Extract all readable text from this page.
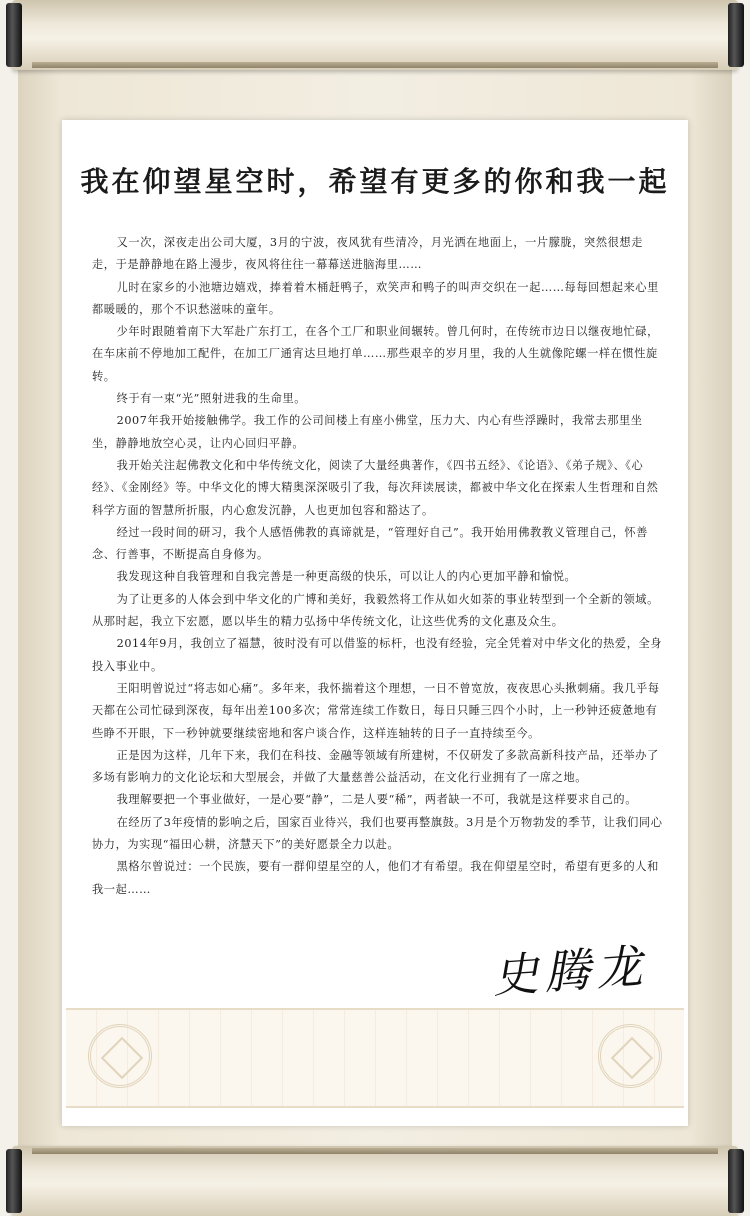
我在仰望星空时，希望有更多的你和我一起

又一次，深夜走出公司大厦，3月的宁波，夜风犹有些清冷，月光洒在地面上，一片朦胧，突然很想走走，于是静静地在路上漫步，夜风将往往一幕幕送进脑海里……

儿时在家乡的小池塘边嬉戏，捧着着木桶赶鸭子，欢笑声和鸭子的叫声交织在一起……每每回想起来心里都暖暖的，那个不识愁滋味的童年。

少年时跟随着南下大军赴广东打工，在各个工厂和职业间辗转。曾几何时，在传统市边日以继夜地忙碌，在车床前不停地加工配件，在加工厂通宵达旦地打单……那些艰辛的岁月里，我的人生就像陀螺一样在惯性旋转。

终于有一束“光”照射进我的生命里。

2007年我开始接触佛学。我工作的公司间楼上有座小佛堂，压力大、内心有些浮躁时，我常去那里坐坐，静静地放空心灵，让内心回归平静。

我开始关注起佛教文化和中华传统文化，阅读了大量经典著作，《四书五经》、《论语》、《弟子规》、《心经》、《金刚经》等。中华文化的博大精奥深深吸引了我，每次拜读展读，都被中华文化在探索人生哲理和自然科学方面的智慧所折服，内心愈发沉静，人也更加包容和豁达了。

经过一段时间的研习，我个人感悟佛教的真谛就是，“管理好自己”。我开始用佛教教义管理自己，怀善念、行善事，不断提高自身修为。

我发现这种自我管理和自我完善是一种更高级的快乐，可以让人的内心更加平静和愉悦。

为了让更多的人体会到中华文化的广博和美好，我毅然将工作从如火如荼的事业转型到一个全新的领域。从那时起，我立下宏愿，愿以毕生的精力弘扬中华传统文化，让这些优秀的文化惠及众生。

2014年9月，我创立了福慧，彼时没有可以借鉴的标杆，也没有经验，完全凭着对中华文化的热爱，全身投入事业中。

王阳明曾说过“将志如心痛”。多年来，我怀揣着这个理想，一日不曾宽放，夜夜思心头揪刺痛。我几乎每天都在公司忙碌到深夜，每年出差100多次；常常连续工作数日，每日只睡三四个小时，上一秒钟还疲惫地有些睁不开眼，下一秒钟就要继续密地和客户谈合作，这样连轴转的日子一直持续至今。

正是因为这样，几年下来，我们在科技、金融等领域有所建树，不仅研发了多款高新科技产品，还举办了多场有影响力的文化论坛和大型展会，并做了大量慈善公益活动，在文化行业拥有了一席之地。

我理解要把一个事业做好，一是心要“静”，二是人要“稀”，两者缺一不可，我就是这样要求自己的。

在经历了3年疫情的影响之后，国家百业待兴，我们也要再整旗鼓。3月是个万物勃发的季节，让我们同心协力，为实现“福田心耕，济慧天下”的美好愿景全力以赴。

黑格尔曾说过：一个民族，要有一群仰望星空的人，他们才有希望。我在仰望星空时，希望有更多的人和我一起……

史腾龙
